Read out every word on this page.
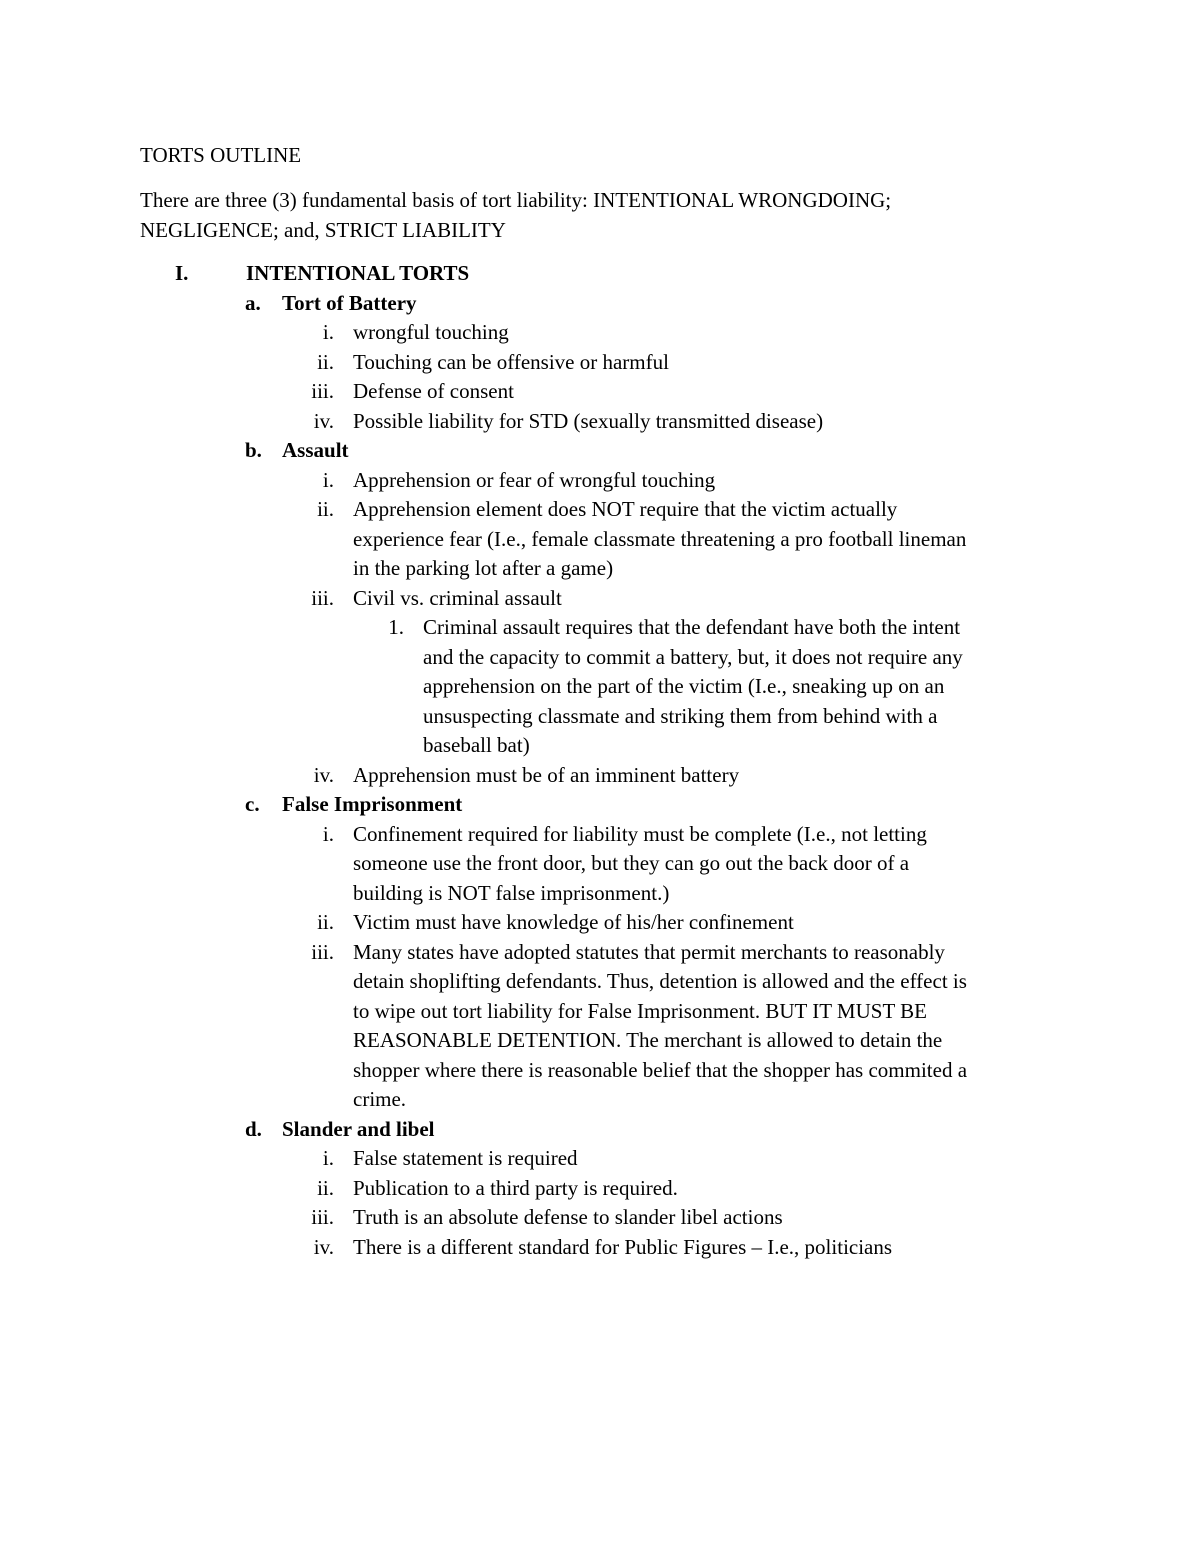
TORTS OUTLINE

There are three (3) fundamental basis of tort liability: INTENTIONAL WRONGDOING;

NEGLIGENCE; and, STRICT LIABILITY

I.	INTENTIONAL TORTS
a. Tort of Battery
i. wrongful touching
ii. Touching can be offensive or harmful
iii. Defense of consent
iv. Possible liability for STD (sexually transmitted disease)
b. Assault
i. Apprehension or fear of wrongful touching
ii. Apprehension element does NOT require that the victim actually
experience fear (I.e., female classmate threatening a pro football lineman
in the parking lot after a game)
iii. Civil vs. criminal assault
1. Criminal assault requires that the defendant have both the intent
and the capacity to commit a battery, but, it does not require any
apprehension on the part of the victim (I.e., sneaking up on an
unsuspecting classmate and striking them from behind with a
baseball bat)
iv. Apprehension must be of an imminent battery
c. False Imprisonment
i. Confinement required for liability must be complete (I.e., not letting
someone use the front door, but they can go out the back door of a
building is NOT false imprisonment.)
ii. Victim must have knowledge of his/her confinement
iii. Many states have adopted statutes that permit merchants to reasonably
detain shoplifting defendants. Thus, detention is allowed and the effect is
to wipe out tort liability for False Imprisonment. BUT IT MUST BE
REASONABLE DETENTION. The merchant is allowed to detain the
shopper where there is reasonable belief that the shopper has commited a
crime.
d. Slander and libel
i. False statement is required
ii. Publication to a third party is required.
iii. Truth is an absolute defense to slander libel actions
iv. There is a different standard for Public Figures – I.e., politicians
